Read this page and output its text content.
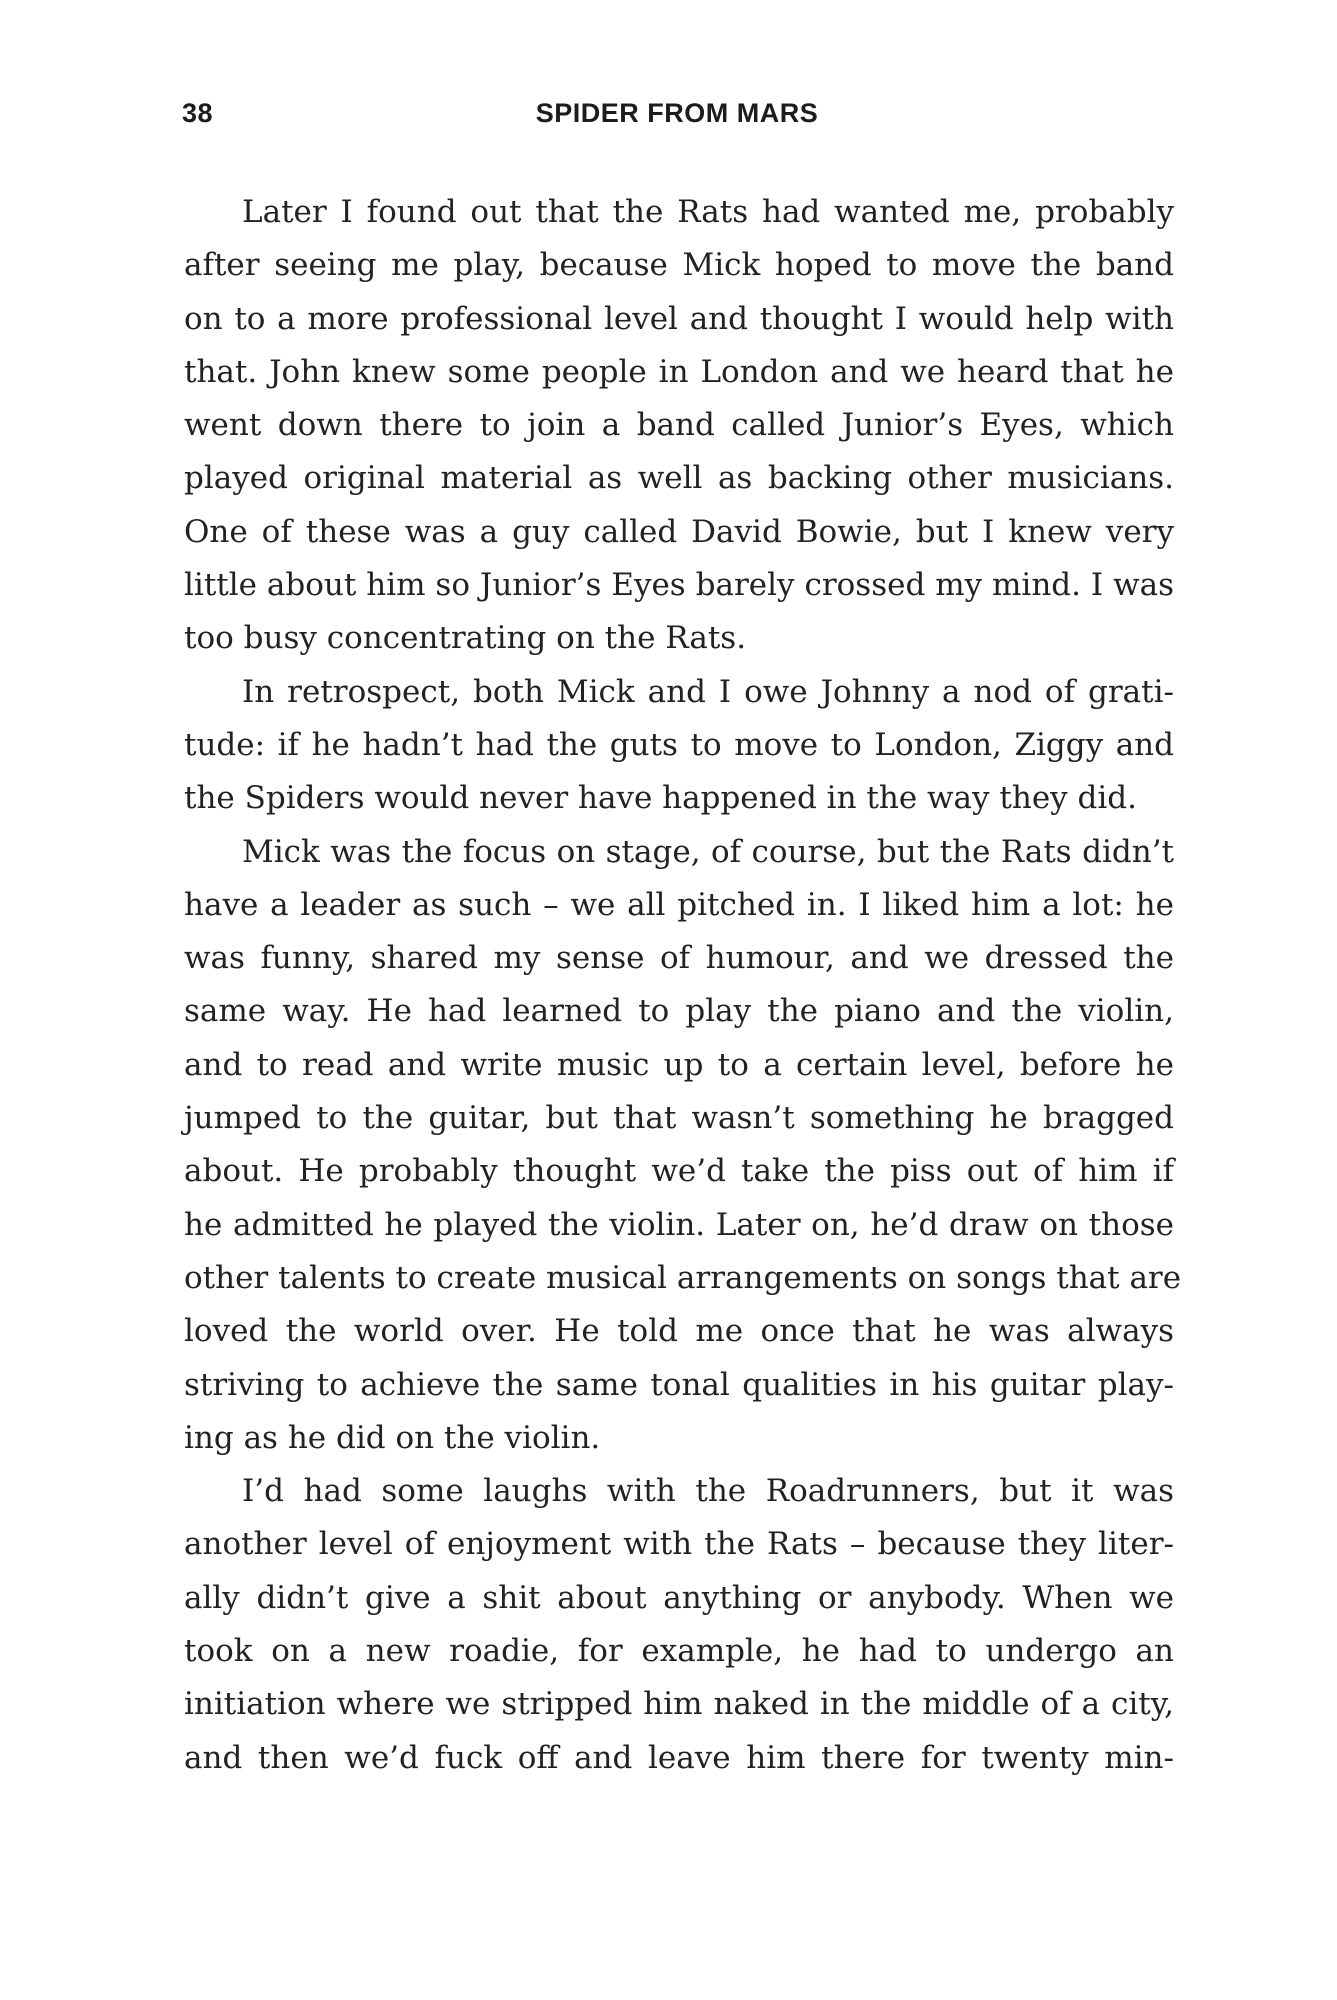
38	SPIDER FROM MARS
Later I found out that the Rats had wanted me, probably
after seeing me play, because Mick hoped to move the band
on to a more professional level and thought I would help with
that. John knew some people in London and we heard that he
went down there to join a band called Junior’s Eyes, which
played original material as well as backing other musicians.
One of these was a guy called David Bowie, but I knew very
little about him so Junior’s Eyes barely crossed my mind. I was
too busy concentrating on the Rats.
In retrospect, both Mick and I owe Johnny a nod of grati-
tude: if he hadn’t had the guts to move to London, Ziggy and
the Spiders would never have happened in the way they did.
Mick was the focus on stage, of course, but the Rats didn’t
have a leader as such – we all pitched in. I liked him a lot: he
was funny, shared my sense of humour, and we dressed the
same way. He had learned to play the piano and the violin,
and to read and write music up to a certain level, before he
jumped to the guitar, but that wasn’t something he bragged
about. He probably thought we’d take the piss out of him if
he admitted he played the violin. Later on, he’d draw on those
other talents to create musical arrangements on songs that are
loved the world over. He told me once that he was always
striving to achieve the same tonal qualities in his guitar play-
ing as he did on the violin.
I’d had some laughs with the Roadrunners, but it was
another level of enjoyment with the Rats – because they liter-
ally didn’t give a shit about anything or anybody. When we
took on a new roadie, for example, he had to undergo an
initiation where we stripped him naked in the middle of a city,
and then we’d fuck off and leave him there for twenty min-
